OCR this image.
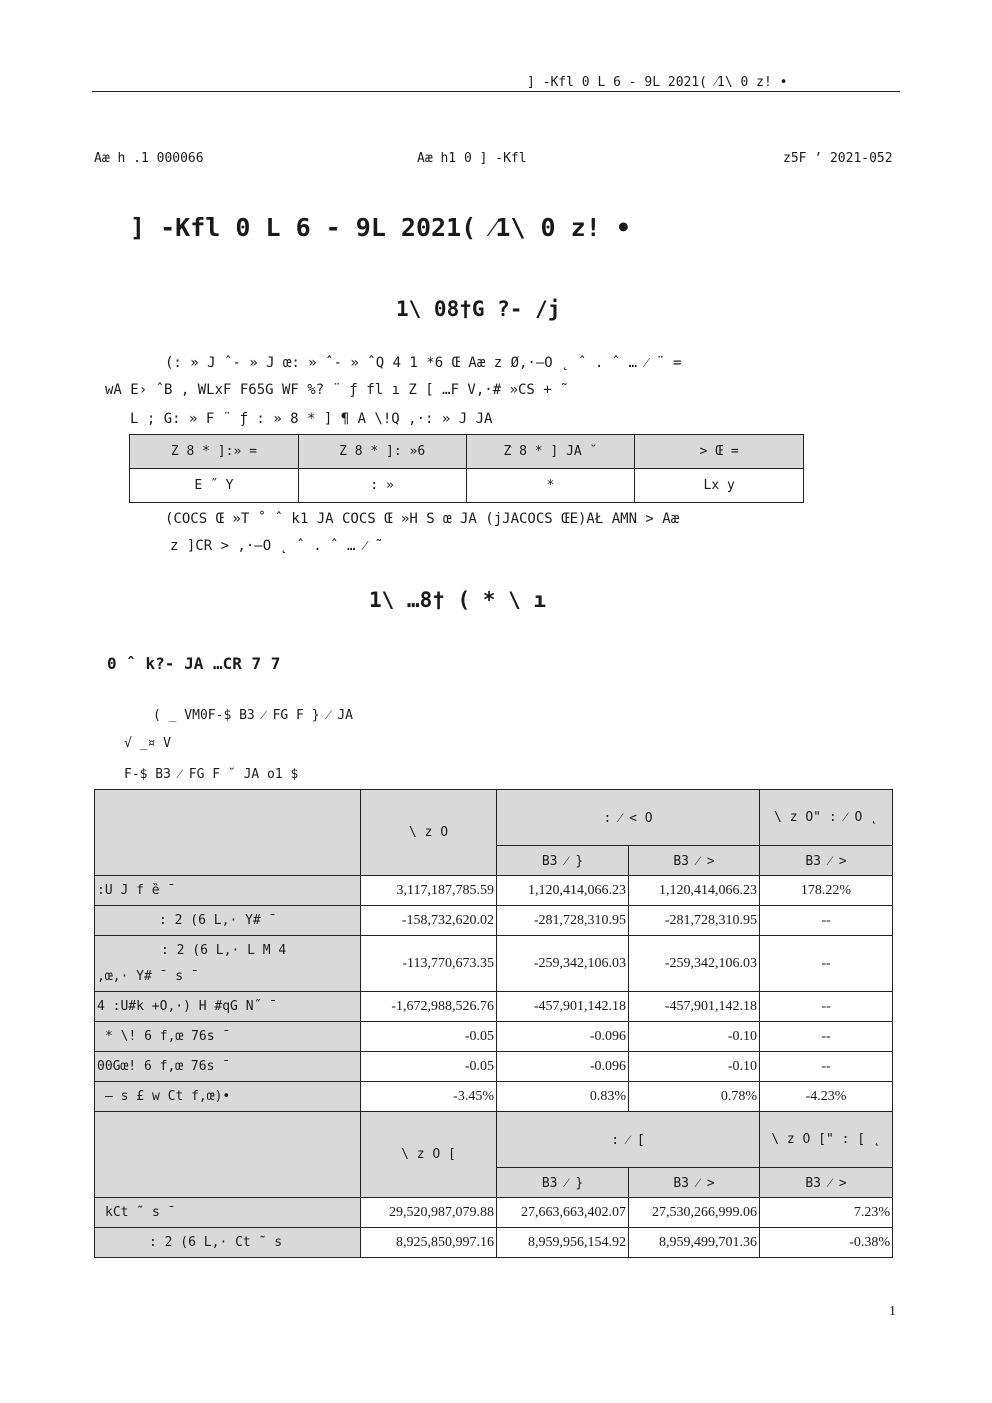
] -Kfl 0 L 6 - 9L 2021( ⁄1\ 0 z! •
Aæ h .1 000066	Aæ h1 0 ] -Kfl	z5F ’ 2021-052
] -Kfl 0 L 6 - 9L 2021( ⁄1\ 0 z! •
1\ 08†G ?- /j
(: » J ˆ- » J œ: » ˆ- » ˆQ 4 1 *6 Œ Aæ z Ø,·–O ˛ ˆ . ˆ … ⁄ ¨ =
wA E› ˆB , WLxF F65G WF %? ¨ ƒ fl ı Z [ …F V,·# »CS + ˜
L ; G: » F ¨ ƒ : » 8 * ] ¶ A \!Q ,·: » J JA
Z 8 * ]:» =	Z 8 * ]: »6	Z 8 * ] JA ˘	> Œ =
E ˝ Y	: »	*	Lx y
(COCS Œ »T ˚ ˆ k1 JA COCS Œ »H S œ JA (jJACOCS ŒE)AŁ AMN > Aæ
z ]CR > ,·–O ˛ ˆ . ˆ … ⁄ ˜
1\ …8† ( * \ ı
0 ˆ k?- JA …CR 7 7
( _ VM0F-$ B3 ⁄ FG F } ⁄ JA
√ _¤ V
F-$ B3 ⁄ FG F ˘ JA o1 $
	\ z O	: ⁄ < O		\ z O" : ⁄ O ˛
		B3 ⁄ }	B3 ⁄ >	B3 ⁄ >
:U J f ȅ ˉ	3,117,187,785.59	1,120,414,066.23	1,120,414,066.23	178.22%
: 2 (6 L,· Y# ˉ	-158,732,620.02	-281,728,310.95	-281,728,310.95	--

: 2 (6 L,· L M 4
,œ,· Y# ˉ s ˉ	-113,770,673.35	-259,342,106.03	-259,342,106.03	--
4 :U#k +O,·) H #qG N˝ ˉ	-1,672,988,526.76	-457,901,142.18	-457,901,142.18	--
* \! 6 f,œ 76s ˉ	-0.05	-0.096	-0.10	--
00Gœ! 6 f,œ 76s ˉ	-0.05	-0.096	-0.10	--
— s £ w Ct f,œ)•	-3.45%	0.83%	0.78%	-4.23%
	\ z O [	: ⁄ [		\ z O [" : [ ˛
		B3 ⁄ }	B3 ⁄ >	B3 ⁄ >
kCt ˜ s ˉ	29,520,987,079.88	27,663,663,402.07	27,530,266,999.06	7.23%
: 2 (6 L,· Ct ˜ s	8,925,850,997.16	8,959,956,154.92	8,959,499,701.36	-0.38%
1
